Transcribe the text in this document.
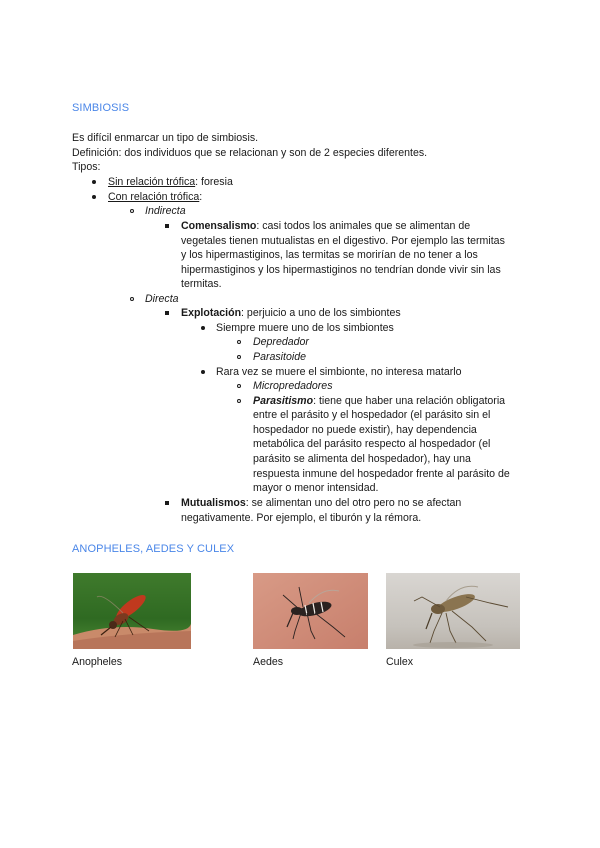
SIMBIOSIS
Es difícil enmarcar un tipo de simbiosis.
Definición: dos individuos que se relacionan y son de 2 especies diferentes.
Tipos:
Sin relación trófica: foresia
Con relación trófica:
Indirecta
Comensalismo: casi todos los animales que se alimentan de
vegetales tienen mutualistas en el digestivo. Por ejemplo las termitas
y los hipermastiginos, las termitas se morirían de no tener a los
hipermastiginos y los hipermastiginos no tendrían donde vivir sin las
termitas.
Directa
Explotación: perjuicio a uno de los simbiontes
Siempre muere uno de los simbiontes
Depredador
Parasitoide
Rara vez se muere el simbionte, no interesa matarlo
Micropredadores
Parasitismo: tiene que haber una relación obligatoria
entre el parásito y el hospedador (el parásito sin el
hospedador no puede existir), hay dependencia
metabólica del parásito respecto al hospedador (el
parásito se alimenta del hospedador), hay una
respuesta inmune del hospedador frente al parásito de
mayor o menor intensidad.
Mutualismos: se alimentan uno del otro pero no se afectan
negativamente. Por ejemplo, el tiburón y la rémora.
ANOPHELES, AEDES Y CULEX
Anopheles	Aedes	Culex
